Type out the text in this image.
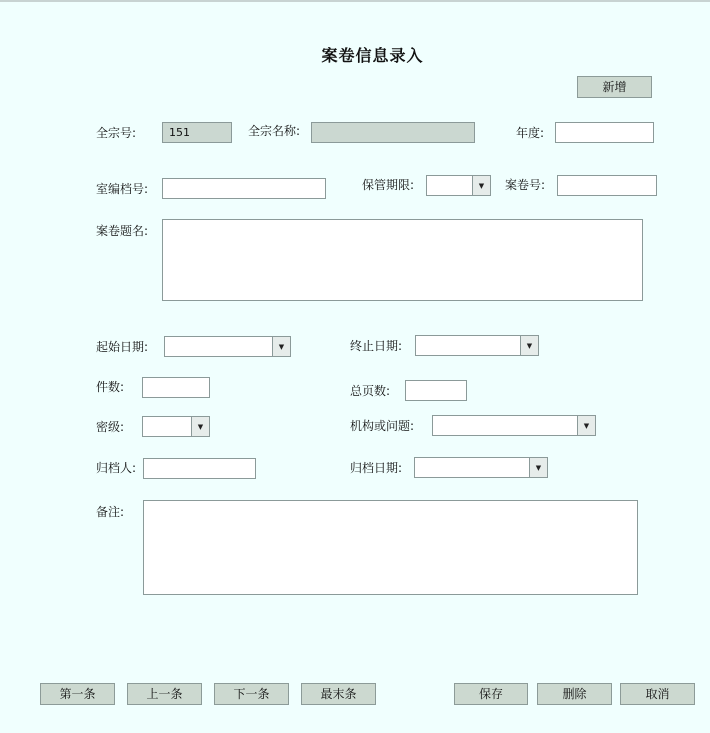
案卷信息录入
新增
全宗号:	151	全宗名称:	年度:
室编档号:	保管期限:	▼	案卷号:
案卷题名:
起始日期:	▼	终止日期:	▼
件数:	总页数:
密级:	▼	机构或问题:	▼
归档人:	归档日期:	▼
备注:
第一条	上一条	下一条	最末条	保存	删除	取消
